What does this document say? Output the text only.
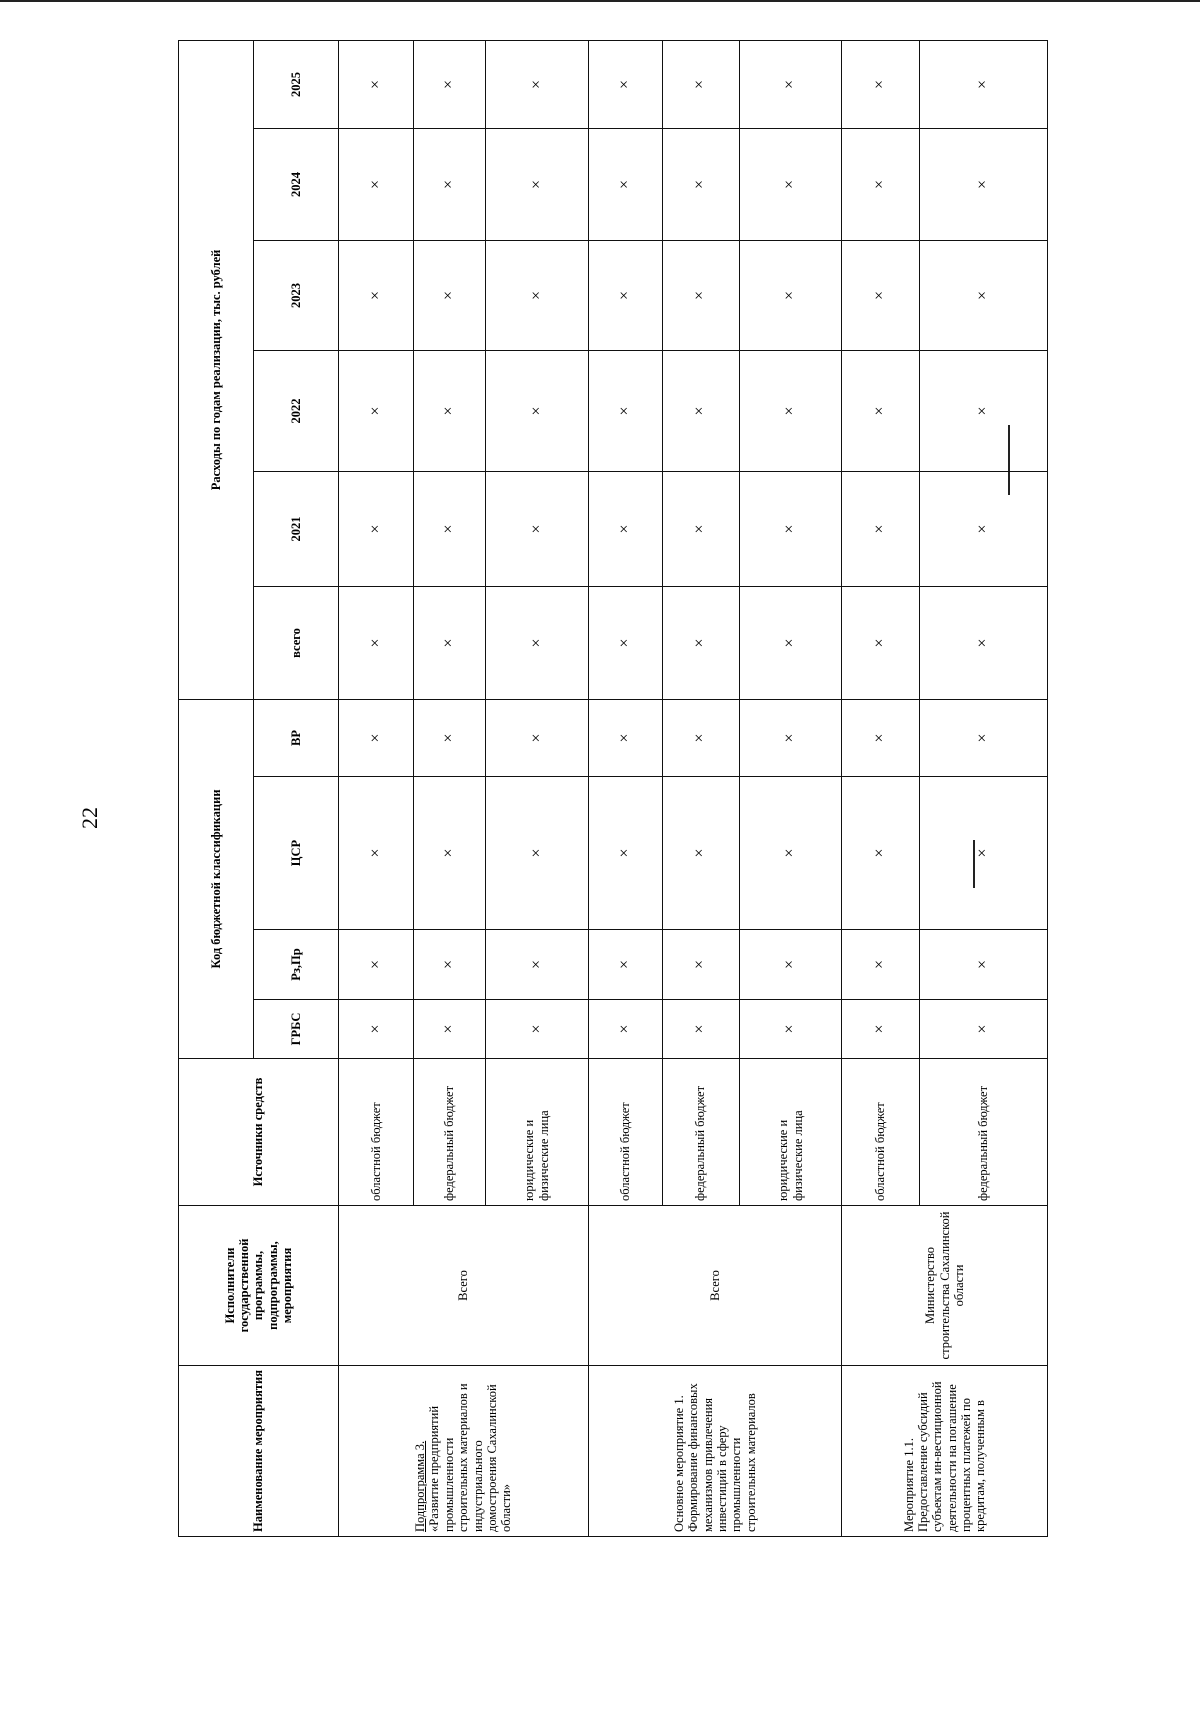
22
Наименование мероприятия	Исполнители государственной программы, подпрограммы, мероприятия	Источники средств	Код бюджетной классификации				Расходы по годам реализации, тыс. рублей					
			ГРБС	Рз,Пр	ЦСР	ВР	всего	2021	2022	2023	2024	2025
Подпрограмма 3.
«Развитие предприятий промышленности строительных материалов и индустриального домостроения Сахалинской области»	Всего	областной бюджет	×	×	×	×	×	×	×	×	×	×
		федеральный бюджет	×	×	×	×	×	×	×	×	×	×
		юридические и физические лица	×	×	×	×	×	×	×	×	×	×
Основное мероприятие 1. Формирование финансовых механизмов привлечения инвестиций в сферу промышленности строительных материалов	Всего	областной бюджет	×	×	×	×	×	×	×	×	×	×
		федеральный бюджет	×	×	×	×	×	×	×	×	×	×
		юридические и физические лица	×	×	×	×	×	×	×	×	×	×
Мероприятие 1.1. Предоставление субсидий субъектам ин-вестиционной деятельности на погашение процентных платежей по кредитам, полученным в	Министерство строительства Сахалинской области	областной бюджет	×	×	×	×	×	×	×	×	×	×
		федеральный бюджет	×	×	×	×	×	×	×	×	×	×
